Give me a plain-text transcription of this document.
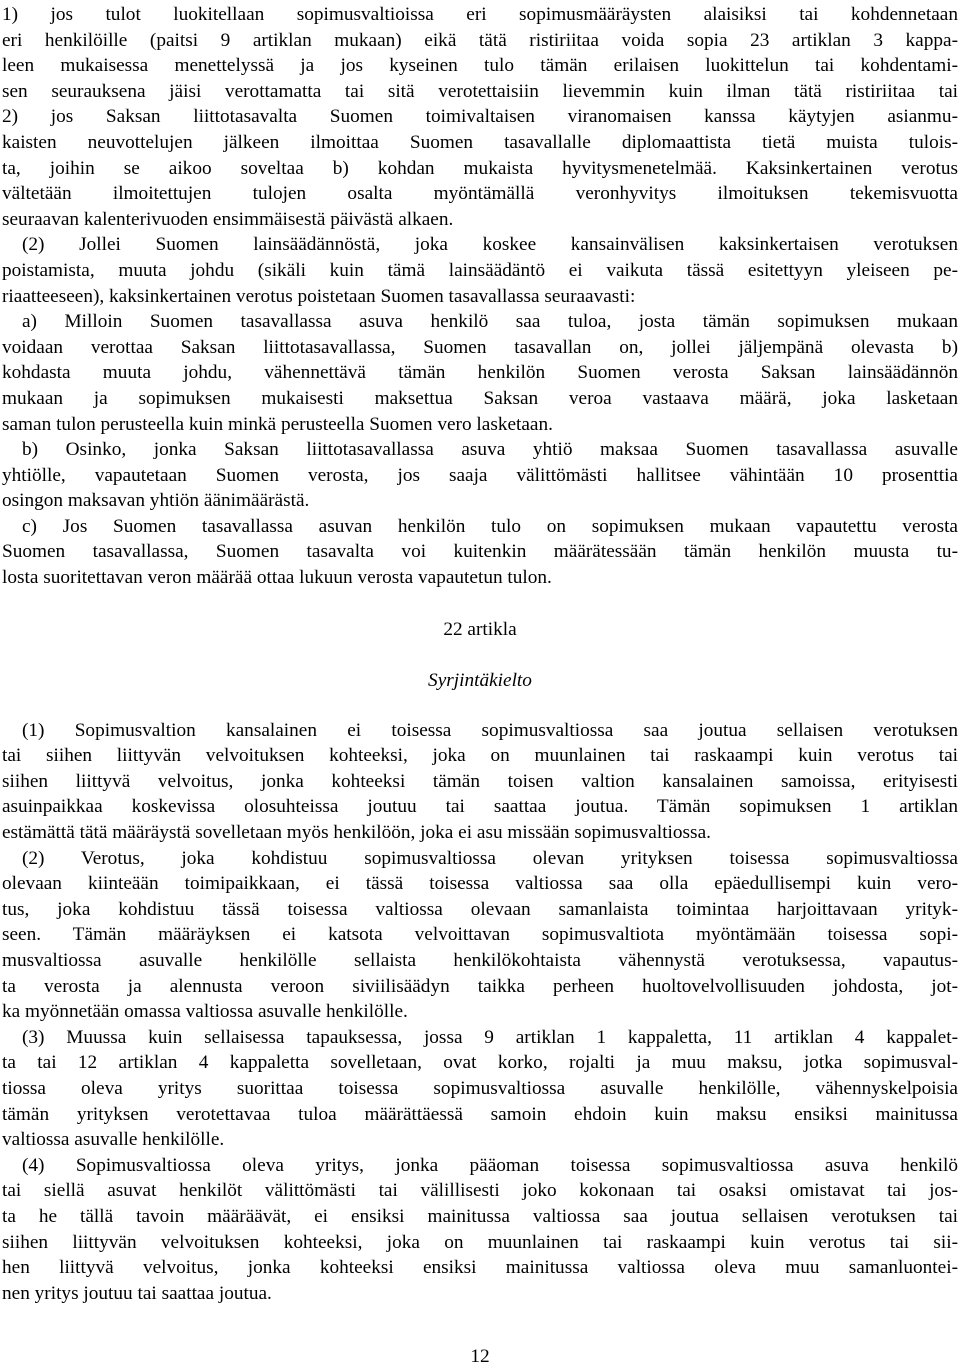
1) jos tulot luokitellaan sopimusvaltioissa eri sopimusmääräysten alaisiksi tai kohdennetaan
eri henkilöille (paitsi 9 artiklan mukaan) eikä tätä ristiriitaa voida sopia 23 artiklan 3 kappa-
leen mukaisessa menettelyssä ja jos kyseinen tulo tämän erilaisen luokittelun tai kohdentami-
sen seurauksena jäisi verottamatta tai sitä verotettaisiin lievemmin kuin ilman tätä ristiriitaa tai
2) jos Saksan liittotasavalta Suomen toimivaltaisen viranomaisen kanssa käytyjen asianmu-
kaisten neuvottelujen jälkeen ilmoittaa Suomen tasavallalle diplomaattista tietä muista tulois-
ta, joihin se aikoo soveltaa b) kohdan mukaista hyvitysmenetelmää. Kaksinkertainen verotus
vältetään ilmoitettujen tulojen osalta myöntämällä veronhyvitys ilmoituksen tekemisvuotta
seuraavan kalenterivuoden ensimmäisestä päivästä alkaen.
(2) Jollei Suomen lainsäädännöstä, joka koskee kansainvälisen kaksinkertaisen verotuksen
poistamista, muuta johdu (sikäli kuin tämä lainsäädäntö ei vaikuta tässä esitettyyn yleiseen pe-
riaatteeseen), kaksinkertainen verotus poistetaan Suomen tasavallassa seuraavasti:
a) Milloin Suomen tasavallassa asuva henkilö saa tuloa, josta tämän sopimuksen mukaan
voidaan verottaa Saksan liittotasavallassa, Suomen tasavallan on, jollei jäljempänä olevasta b)
kohdasta muuta johdu, vähennettävä tämän henkilön Suomen verosta Saksan lainsäädännön
mukaan ja sopimuksen mukaisesti maksettua Saksan veroa vastaava määrä, joka lasketaan
saman tulon perusteella kuin minkä perusteella Suomen vero lasketaan.
b) Osinko, jonka Saksan liittotasavallassa asuva yhtiö maksaa Suomen tasavallassa asuvalle
yhtiölle, vapautetaan Suomen verosta, jos saaja välittömästi hallitsee vähintään 10 prosenttia
osingon maksavan yhtiön äänimäärästä.
c) Jos Suomen tasavallassa asuvan henkilön tulo on sopimuksen mukaan vapautettu verosta
Suomen tasavallassa, Suomen tasavalta voi kuitenkin määrätessään tämän henkilön muusta tu-
losta suoritettavan veron määrää ottaa lukuun verosta vapautetun tulon.
22 artikla
Syrjintäkielto
(1) Sopimusvaltion kansalainen ei toisessa sopimusvaltiossa saa joutua sellaisen verotuksen
tai siihen liittyvän velvoituksen kohteeksi, joka on muunlainen tai raskaampi kuin verotus tai
siihen liittyvä velvoitus, jonka kohteeksi tämän toisen valtion kansalainen samoissa, erityisesti
asuinpaikkaa koskevissa olosuhteissa joutuu tai saattaa joutua. Tämän sopimuksen 1 artiklan
estämättä tätä määräystä sovelletaan myös henkilöön, joka ei asu missään sopimusvaltiossa.
(2) Verotus, joka kohdistuu sopimusvaltiossa olevan yrityksen toisessa sopimusvaltiossa
olevaan kiinteään toimipaikkaan, ei tässä toisessa valtiossa saa olla epäedullisempi kuin vero-
tus, joka kohdistuu tässä toisessa valtiossa olevaan samanlaista toimintaa harjoittavaan yrityk-
seen. Tämän määräyksen ei katsota velvoittavan sopimusvaltiota myöntämään toisessa sopi-
musvaltiossa asuvalle henkilölle sellaista henkilökohtaista vähennystä verotuksessa, vapautus-
ta verosta ja alennusta veroon siviilisäädyn taikka perheen huoltovelvollisuuden johdosta, jot-
ka myönnetään omassa valtiossa asuvalle henkilölle.
(3) Muussa kuin sellaisessa tapauksessa, jossa 9 artiklan 1 kappaletta, 11 artiklan 4 kappalet-
ta tai 12 artiklan 4 kappaletta sovelletaan, ovat korko, rojalti ja muu maksu, jotka sopimusval-
tiossa oleva yritys suorittaa toisessa sopimusvaltiossa asuvalle henkilölle, vähennyskelpoisia
tämän yrityksen verotettavaa tuloa määrättäessä samoin ehdoin kuin maksu ensiksi mainitussa
valtiossa asuvalle henkilölle.
(4) Sopimusvaltiossa oleva yritys, jonka pääoman toisessa sopimusvaltiossa asuva henkilö
tai siellä asuvat henkilöt välittömästi tai välillisesti joko kokonaan tai osaksi omistavat tai jos-
ta he tällä tavoin määräävät, ei ensiksi mainitussa valtiossa saa joutua sellaisen verotuksen tai
siihen liittyvän velvoituksen kohteeksi, joka on muunlainen tai raskaampi kuin verotus tai sii-
hen liittyvä velvoitus, jonka kohteeksi ensiksi mainitussa valtiossa oleva muu samanluontei-
nen yritys joutuu tai saattaa joutua.
12
